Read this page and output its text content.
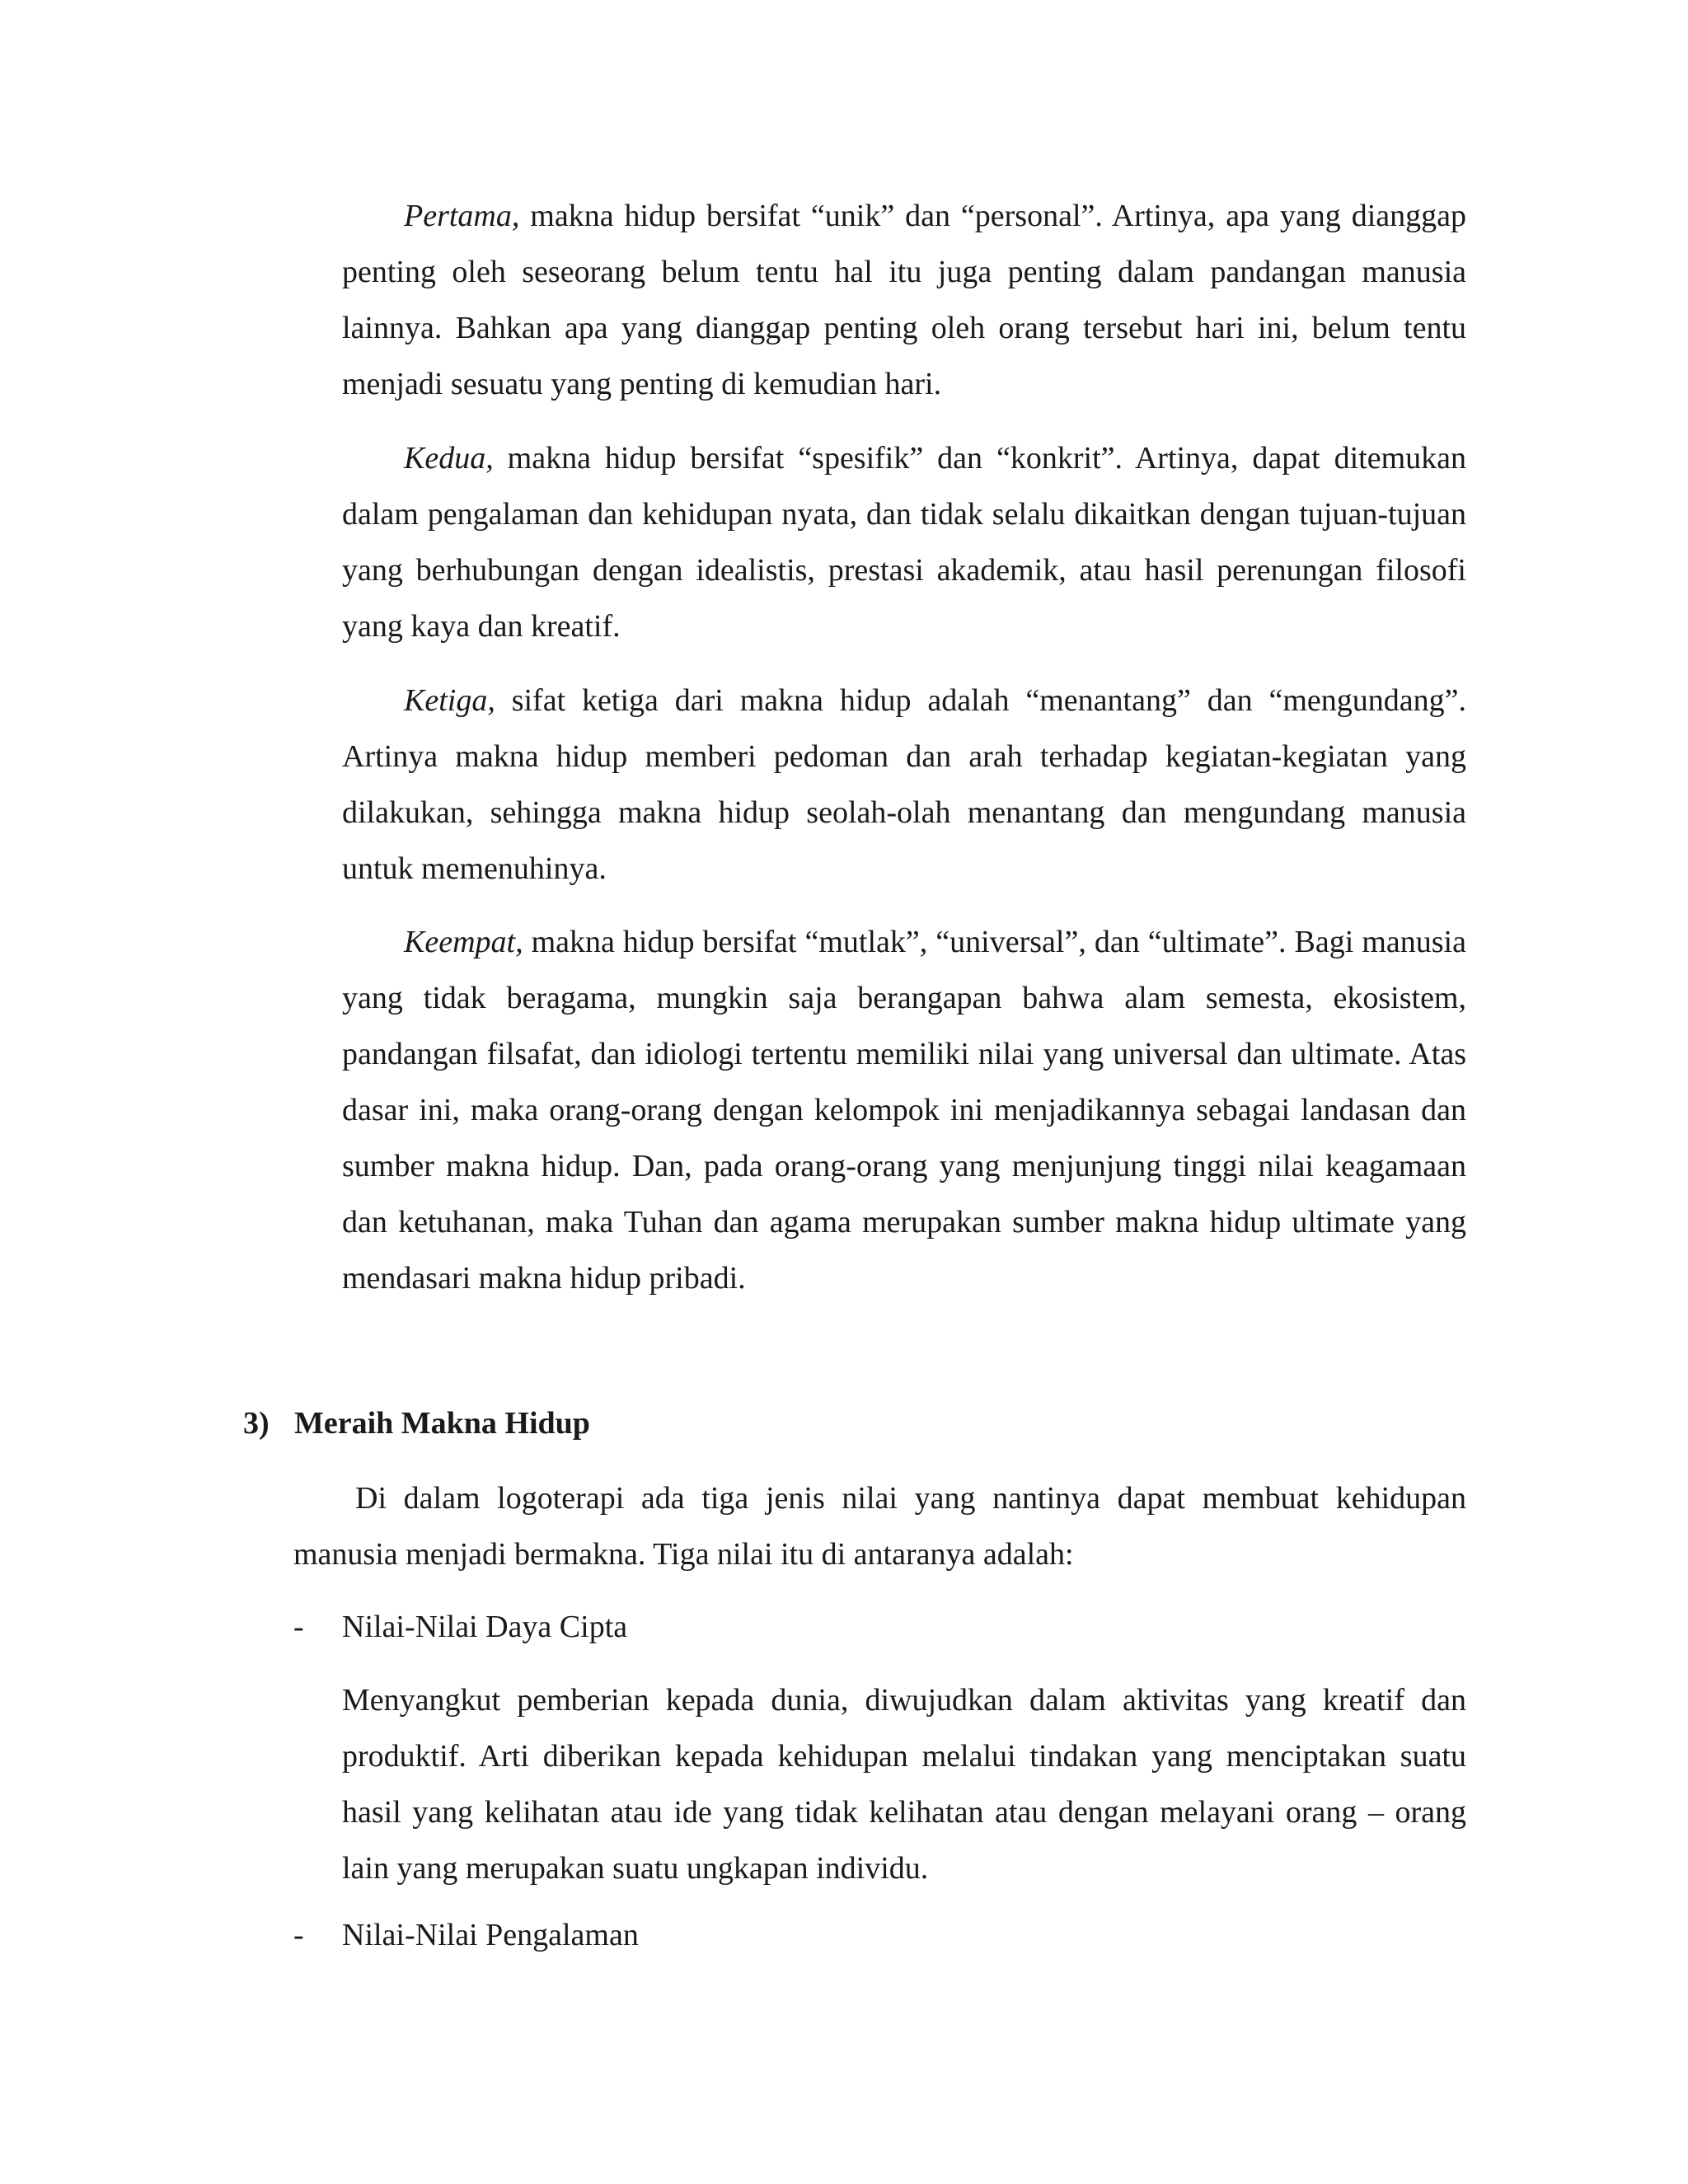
Pertama, makna hidup bersifat “unik” dan “personal”. Artinya, apa yang dianggap penting oleh seseorang belum tentu hal itu juga penting dalam pandangan manusia lainnya. Bahkan apa yang dianggap penting oleh orang tersebut hari ini, belum tentu menjadi sesuatu yang penting di kemudian hari.

Kedua, makna hidup bersifat “spesifik” dan “konkrit”. Artinya, dapat ditemukan dalam pengalaman dan kehidupan nyata, dan tidak selalu dikaitkan dengan tujuan-tujuan yang berhubungan dengan idealistis, prestasi akademik, atau hasil perenungan filosofi yang kaya dan kreatif.

Ketiga, sifat ketiga dari makna hidup adalah “menantang” dan “mengundang”. Artinya makna hidup memberi pedoman dan arah terhadap kegiatan-kegiatan yang dilakukan, sehingga makna hidup seolah-olah menantang dan mengundang manusia untuk memenuhinya.

Keempat, makna hidup bersifat “mutlak”, “universal”, dan “ultimate”. Bagi manusia yang tidak beragama, mungkin saja berangapan bahwa alam semesta, ekosistem, pandangan filsafat, dan idiologi tertentu memiliki nilai yang universal dan ultimate. Atas dasar ini, maka orang-orang dengan kelompok ini menjadikannya sebagai landasan dan sumber makna hidup. Dan, pada orang-orang yang menjunjung tinggi nilai keagamaan dan ketuhanan, maka Tuhan dan agama merupakan sumber makna hidup ultimate yang mendasari makna hidup pribadi.

3) Meraih Makna Hidup

Di dalam logoterapi ada tiga jenis nilai yang nantinya dapat membuat kehidupan manusia menjadi bermakna. Tiga nilai itu di antaranya adalah:

- Nilai-Nilai Daya Cipta

Menyangkut pemberian kepada dunia, diwujudkan dalam aktivitas yang kreatif dan produktif. Arti diberikan kepada kehidupan melalui tindakan yang menciptakan suatu hasil yang kelihatan atau ide yang tidak kelihatan atau dengan melayani orang – orang lain yang merupakan suatu ungkapan individu.

- Nilai-Nilai Pengalaman
